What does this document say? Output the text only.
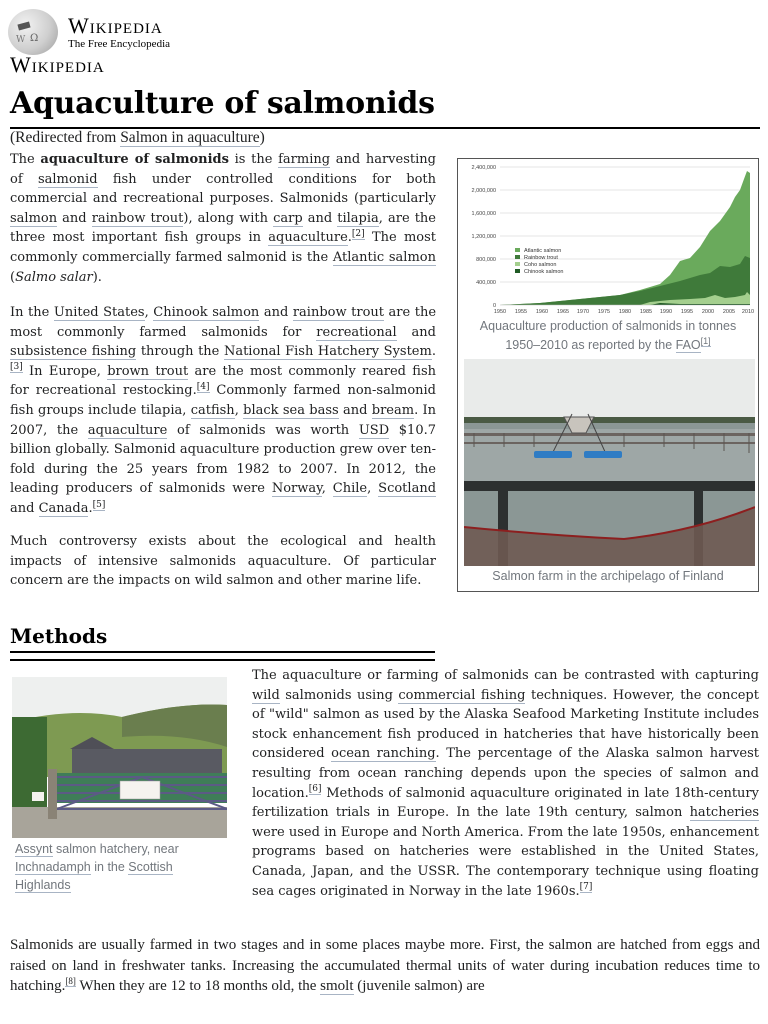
Ω
W
Wikipedia
The Free Encyclopedia
Wikipedia
Aquaculture of salmonids
(Redirected from Salmon in aquaculture)

The aquaculture of salmonids is the farming and harvesting of salmonid fish under controlled conditions for both commercial and recreational purposes. Salmonids (particularly salmon and rainbow trout), along with carp and tilapia, are the three most important fish groups in aquaculture.[2] The most commonly commercially farmed salmonid is the Atlantic salmon (Salmo salar).

In the United States, Chinook salmon and rainbow trout are the most commonly farmed salmonids for recreational and subsistence fishing through the National Fish Hatchery System.[3] In Europe, brown trout are the most commonly reared fish for recreational restocking.[4] Commonly farmed non-salmonid fish groups include tilapia, catfish, black sea bass and bream. In 2007, the aquaculture of salmonids was worth USD $10.7 billion globally. Salmonid aquaculture production grew over ten-fold during the 25 years from 1982 to 2007. In 2012, the leading producers of salmonids were Norway, Chile, Scotland and Canada.[5]

Much controversy exists about the ecological and health impacts of intensive salmonids aquaculture. Of particular concern are the impacts on wild salmon and other marine life.

2,400,000
2,000,000
1,600,000
1,200,000
800,000
400,000
0
1950 1955 1960 1965 1970 1975 1980 1985 1990 1995 2000 2005 2010
Atlantic salmon
Rainbow trout
Coho salmon
Chinook salmon
Aquaculture production of salmonids in tonnes
1950–2010 as reported by the FAO[1]
Salmon farm in the archipelago of Finland
Methods
Assynt salmon hatchery, near Inchnadamph in the Scottish Highlands

The aquaculture or farming of salmonids can be contrasted with capturing wild salmonids using commercial fishing techniques. However, the concept of "wild" salmon as used by the Alaska Seafood Marketing Institute includes stock enhancement fish produced in hatcheries that have historically been considered ocean ranching. The percentage of the Alaska salmon harvest resulting from ocean ranching depends upon the species of salmon and location.[6] Methods of salmonid aquaculture originated in late 18th-century fertilization trials in Europe. In the late 19th century, salmon hatcheries were used in Europe and North America. From the late 1950s, enhancement programs based on hatcheries were established in the United States, Canada, Japan, and the USSR. The contemporary technique using floating sea cages originated in Norway in the late 1960s.[7]

Salmonids are usually farmed in two stages and in some places maybe more. First, the salmon are hatched from eggs and raised on land in freshwater tanks. Increasing the accumulated thermal units of water during incubation reduces time to hatching.[8] When they are 12 to 18 months old, the smolt (juvenile salmon) are
